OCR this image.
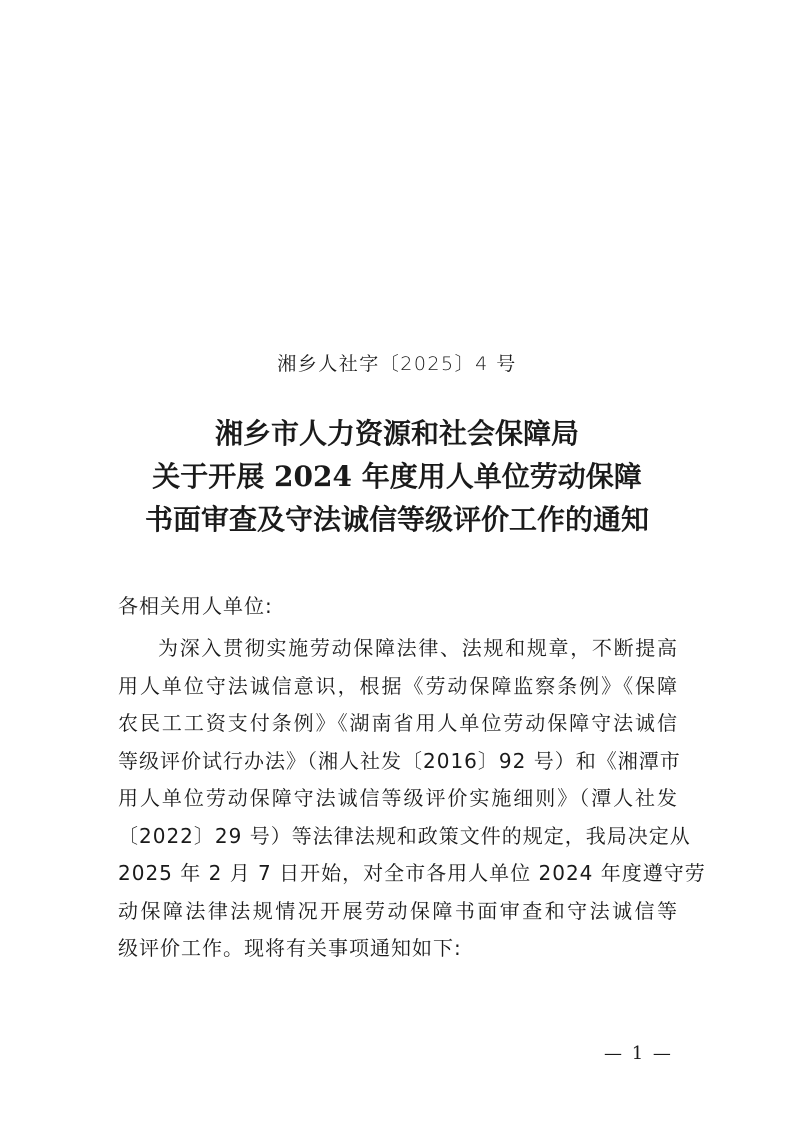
湘乡人社字〔2025〕4 号
湘乡市人力资源和社会保障局
关于开展 2024 年度用人单位劳动保障
书面审查及守法诚信等级评价工作的通知
各相关用人单位:
为深入贯彻实施劳动保障法律、法规和规章，不断提高
用人单位守法诚信意识，根据《劳动保障监察条例》《保障
农民工工资支付条例》《湖南省用人单位劳动保障守法诚信
等级评价试行办法》（湘人社发〔2016〕92 号）和《湘潭市
用人单位劳动保障守法诚信等级评价实施细则》（潭人社发
〔2022〕29 号）等法律法规和政策文件的规定，我局决定从
2025 年 2 月 7 日开始，对全市各用人单位 2024 年度遵守劳
动保障法律法规情况开展劳动保障书面审查和守法诚信等
级评价工作。现将有关事项通知如下:
— 1 —
